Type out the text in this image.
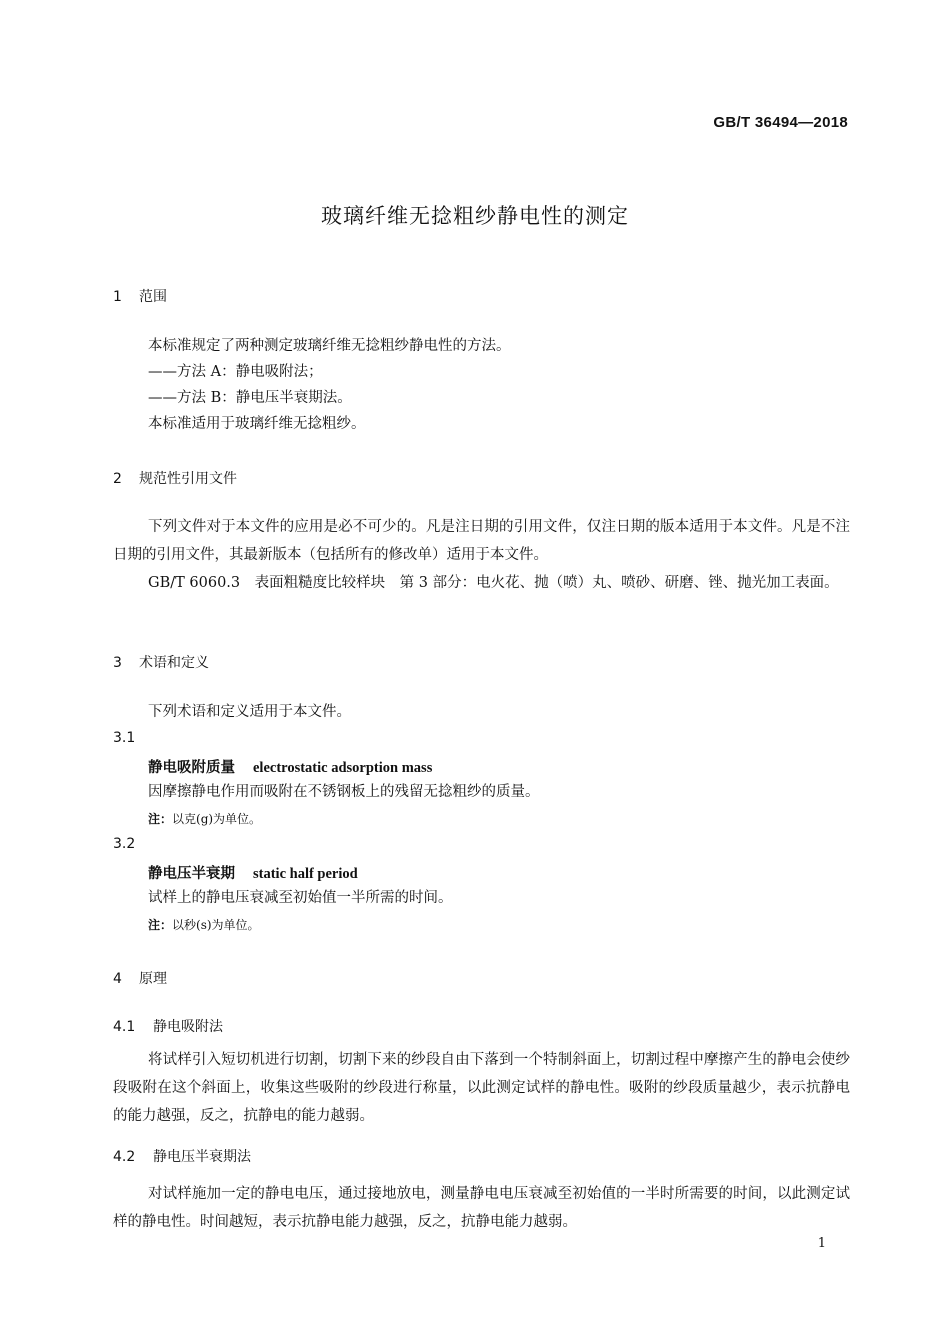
GB/T 36494—2018
玻璃纤维无捻粗纱静电性的测定
1 范围
本标准规定了两种测定玻璃纤维无捻粗纱静电性的方法。
——方法 A：静电吸附法；
——方法 B：静电压半衰期法。
本标准适用于玻璃纤维无捻粗纱。
2 规范性引用文件
下列文件对于本文件的应用是必不可少的。凡是注日期的引用文件，仅注日期的版本适用于本文件。凡是不注日期的引用文件，其最新版本（包括所有的修改单）适用于本文件。
GB/T 6060.3　表面粗糙度比较样块　第 3 部分：电火花、抛（喷）丸、喷砂、研磨、锉、抛光加工表面。
3 术语和定义
下列术语和定义适用于本文件。
3.1
静电吸附质量 electrostatic adsorption mass
因摩擦静电作用而吸附在不锈钢板上的残留无捻粗纱的质量。
注：以克(g)为单位。
3.2
静电压半衰期 static half period
试样上的静电压衰减至初始值一半所需的时间。
注：以秒(s)为单位。
4 原理
4.1 静电吸附法
将试样引入短切机进行切割，切割下来的纱段自由下落到一个特制斜面上，切割过程中摩擦产生的静电会使纱段吸附在这个斜面上，收集这些吸附的纱段进行称量，以此测定试样的静电性。吸附的纱段质量越少，表示抗静电的能力越强，反之，抗静电的能力越弱。
4.2 静电压半衰期法
对试样施加一定的静电电压，通过接地放电，测量静电电压衰减至初始值的一半时所需要的时间，以此测定试样的静电性。时间越短，表示抗静电能力越强，反之，抗静电能力越弱。
1
